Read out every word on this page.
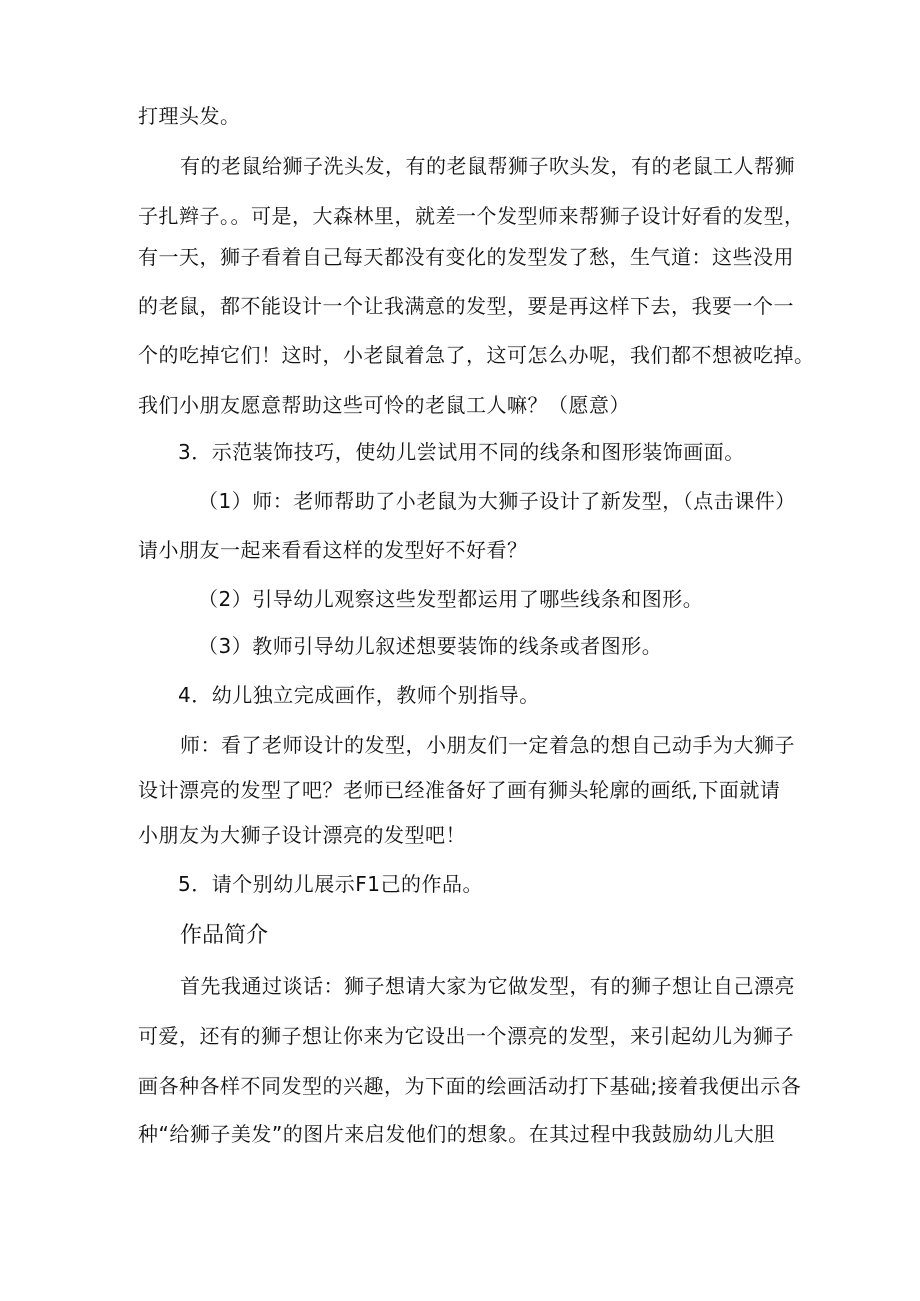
打理头发。
有的老鼠给狮子洗头发，有的老鼠帮狮子吹头发，有的老鼠工人帮狮
子扎辫子。。可是，大森林里，就差一个发型师来帮狮子设计好看的发型，
有一天，狮子看着自己每天都没有变化的发型发了愁，生气道：这些没用
的老鼠，都不能设计一个让我满意的发型，要是再这样下去，我要一个一
个的吃掉它们！这时，小老鼠着急了，这可怎么办呢，我们都不想被吃掉。
我们小朋友愿意帮助这些可怜的老鼠工人嘛？（愿意）
3．示范装饰技巧，使幼儿尝试用不同的线条和图形装饰画面。
（1）师：老师帮助了小老鼠为大狮子设计了新发型，（点击课件）
请小朋友一起来看看这样的发型好不好看？
（2）引导幼儿观察这些发型都运用了哪些线条和图形。
（3）教师引导幼儿叙述想要装饰的线条或者图形。
4．幼儿独立完成画作，教师个别指导。
师：看了老师设计的发型，小朋友们一定着急的想自己动手为大狮子
设计漂亮的发型了吧？老师已经准备好了画有狮头轮廓的画纸,下面就请
小朋友为大狮子设计漂亮的发型吧！
5．请个别幼儿展示F1己的作品。
作品简介
首先我通过谈话：狮子想请大家为它做发型，有的狮子想让自己漂亮
可爱，还有的狮子想让你来为它设出一个漂亮的发型，来引起幼儿为狮子
画各种各样不同发型的兴趣，为下面的绘画活动打下基础;接着我便出示各
种“给狮子美发”的图片来启发他们的想象。在其过程中我鼓励幼儿大胆
